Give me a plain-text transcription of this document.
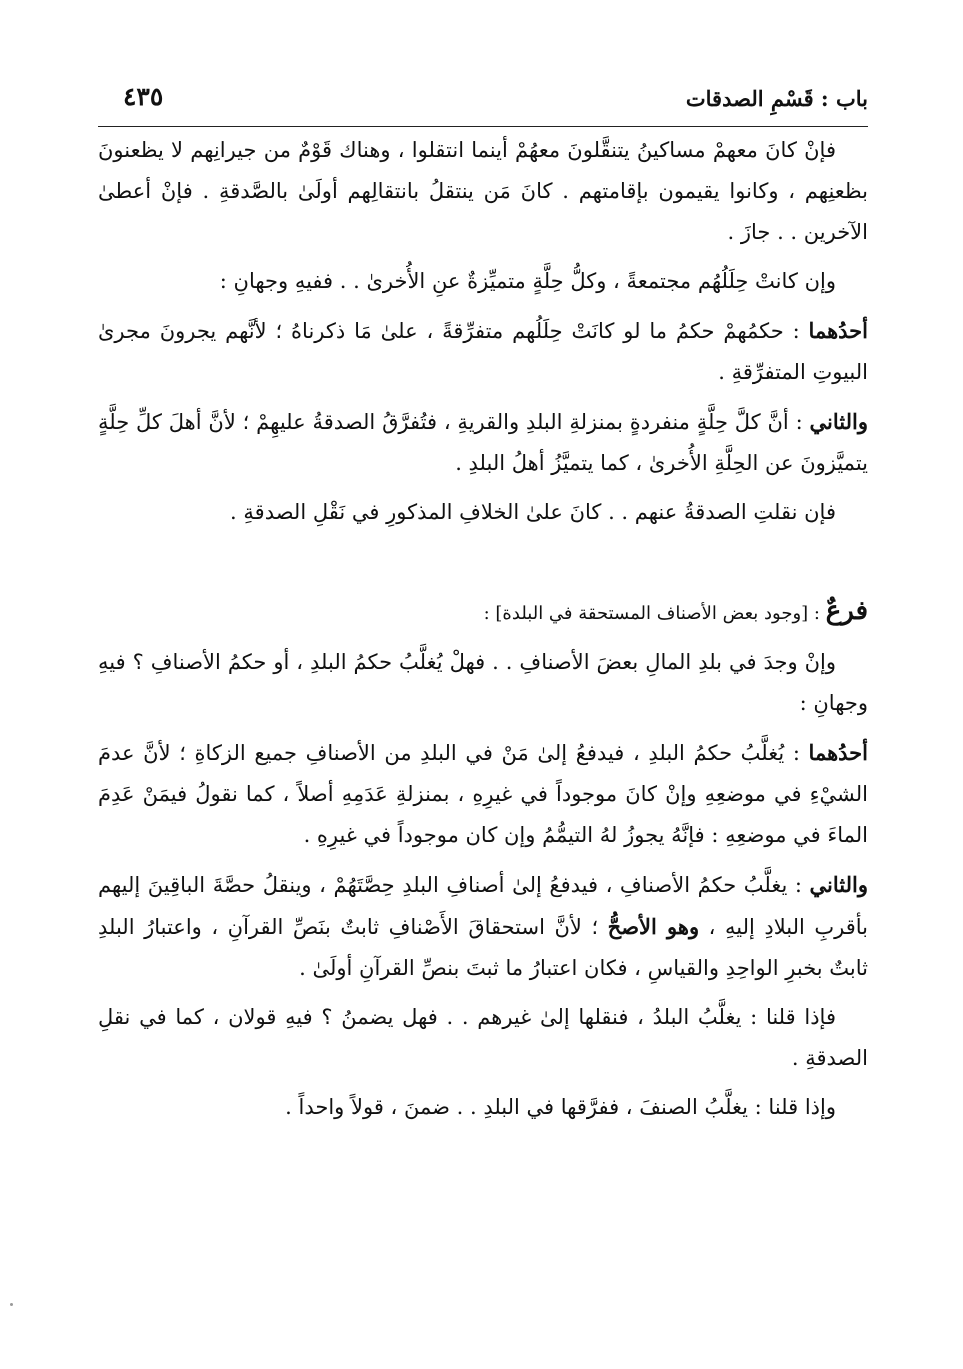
باب : قَسْمِ الصدقات
٤٣٥

فإنْ كانَ معهمْ مساكينُ يتنقَّلونَ معهُمْ أينما انتقلوا ، وهناك قَوْمٌ من جيرانِهم لا يظعنونَ بظعنِهم ، وكانوا يقيمون بإقامتهم . كانَ مَن ينتقلُ بانتقالِهم أولَىٰ بالصَّدقةِ . فإنْ أعطىٰ الآخرين . . جازَ .

وإن كانتْ حِلَلُهُم مجتمعةً ، وكلُّ حِلَّةٍ متميِّزةٌ عنِ الأُخرىٰ . . ففيهِ وجهانِ :

أحدُهما : حكمُهمْ حكمُ ما لو كانَتْ حِلَلُهم متفرِّقةً ، علىٰ مَا ذكرناهُ ؛ لأنَّهم يجرونَ مجرىٰ البيوتِ المتفرِّقةِ .

والثاني : أنَّ كلَّ حِلَّةٍ منفردةٍ بمنزلةِ البلدِ والقريةِ ، فتُفرَّقُ الصدقةُ عليهِمْ ؛ لأنَّ أهلَ كلِّ حِلَّةٍ يتميَّزونَ عن الحِلَّةِ الأُخرىٰ ، كما يتميَّزُ أهلُ البلدِ .

فإن نقلتِ الصدقةُ عنهم . . كانَ علىٰ الخلافِ المذكورِ في نَقْلِ الصدقةِ .

فرعٌ : [وجود بعض الأصناف المستحقة في البلدة] :

وإنْ وجدَ في بلدِ المالِ بعضَ الأصنافِ . . فهلْ يُغلَّبُ حكمُ البلدِ ، أو حكمُ الأصنافِ ؟ فيهِ وجهانِ :

أحدُهما : يُغلَّبُ حكمُ البلدِ ، فيدفعُ إلىٰ مَنْ في البلدِ من الأصنافِ جميع الزكاةِ ؛ لأنَّ عدمَ الشيْءِ في موضعِهِ وإنْ كانَ موجوداً في غيرِهِ ، بمنزلةِ عَدَمِهِ أصلاً ، كما نقولُ فيمَنْ عَدِمَ الماءَ في موضعِهِ : فإنَّهُ يجوزُ لهُ التيمُّمُ وإن كان موجوداً في غيرِهِ .

والثاني : يغلَّبُ حكمُ الأصنافِ ، فيدفعُ إلىٰ أصنافِ البلدِ حِصَّتَهُمْ ، وينقلُ حصَّةَ الباقِينَ إليهم بأقربِ البلادِ إليهِ ، وهو الأصحُّ ؛ لأنَّ استحقاقَ الأَصْنافِ ثابتٌ بنَصِّ القرآنِ ، واعتبارُ البلدِ ثابتٌ بخبرِ الواحِدِ والقياسِ ، فكان اعتبارُ ما ثبتَ بنصِّ القرآنِ أولَىٰ .

فإذا قلنا : يغلَّبُ البلدُ ، فنقلها إلىٰ غيرهم . . فهل يضمنُ ؟ فيهِ قولان ، كما في نقلِ الصدقةِ .

وإذا قلنا : يغلَّبُ الصنفَ ، ففرَّقها في البلدِ . . ضمنَ ، قولاً واحداً .
